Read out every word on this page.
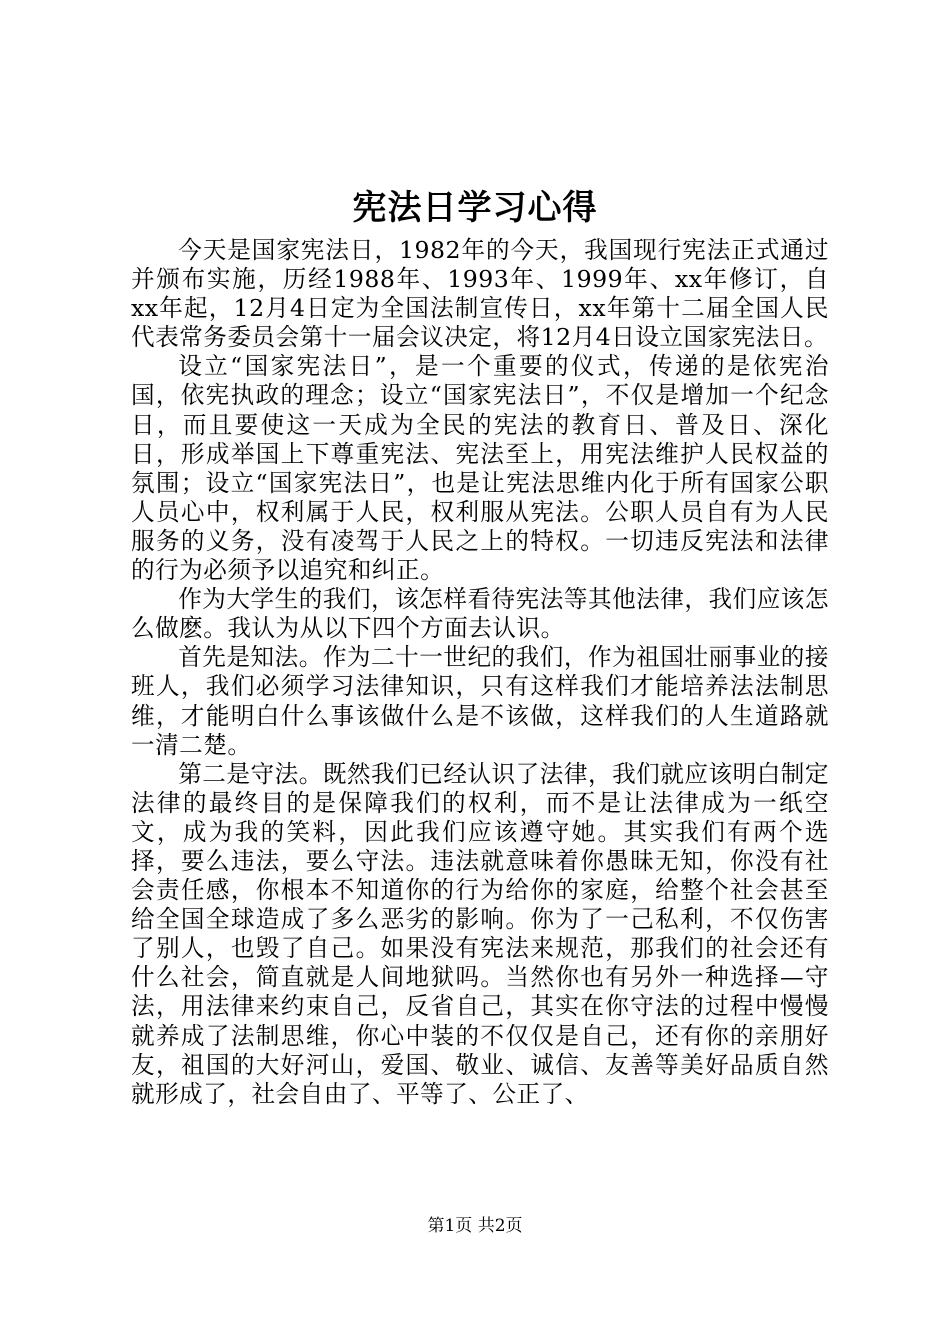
宪法日学习心得

今天是国家宪法日，1982年的今天，我国现行宪法正式通过并颁布实施，历经1988年、1993年、1999年、xx年修订，自xx年起，12月4日定为全国法制宣传日，xx年第十二届全国人民代表常务委员会第十一届会议决定，将12月4日设立国家宪法日。

设立“国家宪法日”，是一个重要的仪式，传递的是依宪治国，依宪执政的理念；设立“国家宪法日”，不仅是增加一个纪念日，而且要使这一天成为全民的宪法的教育日、普及日、深化日，形成举国上下尊重宪法、宪法至上，用宪法维护人民权益的氛围；设立“国家宪法日”，也是让宪法思维内化于所有国家公职人员心中，权利属于人民，权利服从宪法。公职人员自有为人民服务的义务，没有凌驾于人民之上的特权。一切违反宪法和法律的行为必须予以追究和纠正。

作为大学生的我们，该怎样看待宪法等其他法律，我们应该怎么做麽。我认为从以下四个方面去认识。

首先是知法。作为二十一世纪的我们，作为祖国壮丽事业的接班人，我们必须学习法律知识，只有这样我们才能培养法法制思维，才能明白什么事该做什么是不该做，这样我们的人生道路就一清二楚。

第二是守法。既然我们已经认识了法律，我们就应该明白制定法律的最终目的是保障我们的权利，而不是让法律成为一纸空文，成为我的笑料，因此我们应该遵守她。其实我们有两个选择，要么违法，要么守法。违法就意味着你愚昧无知，你没有社会责任感，你根本不知道你的行为给你的家庭，给整个社会甚至给全国全球造成了多么恶劣的影响。你为了一己私利，不仅伤害了别人，也毁了自己。如果没有宪法来规范，那我们的社会还有什么社会，简直就是人间地狱吗。当然你也有另外一种选择—守法，用法律来约束自己，反省自己，其实在你守法的过程中慢慢就养成了法制思维，你心中装的不仅仅是自己，还有你的亲朋好友，祖国的大好河山，爱国、敬业、诚信、友善等美好品质自然就形成了，社会自由了、平等了、公正了、

第1页 共2页
